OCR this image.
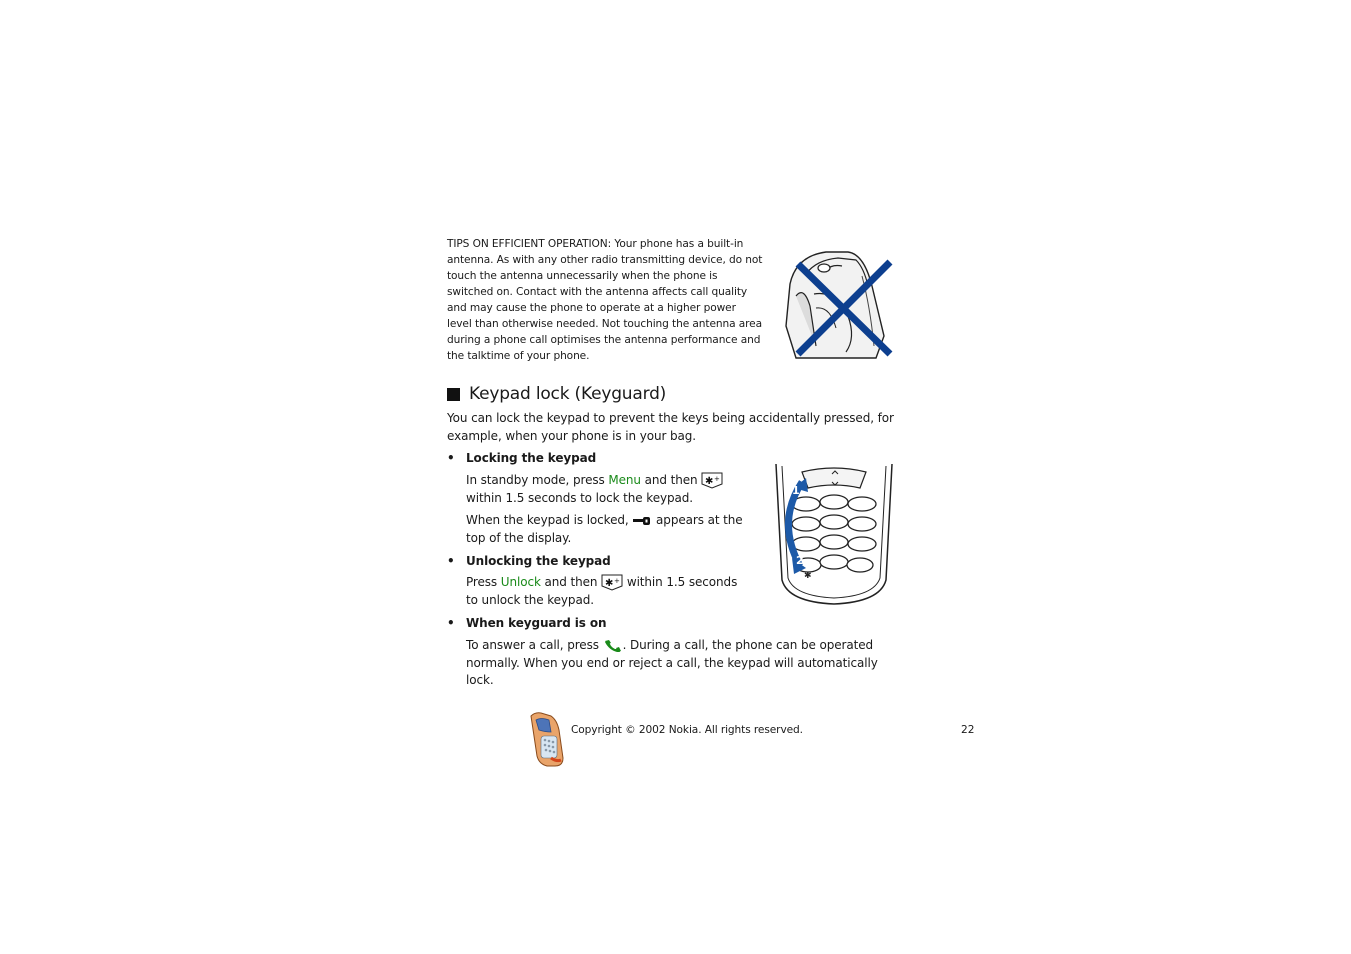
TIPS ON EFFICIENT OPERATION: Your phone has a built-in antenna. As with any other radio transmitting device, do not touch the antenna unnecessarily when the phone is switched on. Contact with the antenna affects call quality and may cause the phone to operate at a higher power level than otherwise needed. Not touching the antenna area during a phone call optimises the antenna performance and the talktime of your phone.
Keypad lock (Keyguard)
You can lock the keypad to prevent the keys being accidentally pressed, for example, when your phone is in your bag.
• Locking the keypad
In standby mode, press Menu and then ✱ +
within 1.5 seconds to lock the keypad.
When the keypad is locked,  appears at the top of the display.
• Unlocking the keypad
Press Unlock and then ✱ + within 1.5 seconds to unlock the keypad.
1
2
✱
• When keyguard is on
To answer a call, press . During a call, the phone can be operated normally. When you end or reject a call, the keypad will automatically lock.
Copyright © 2002 Nokia. All rights reserved.	22
